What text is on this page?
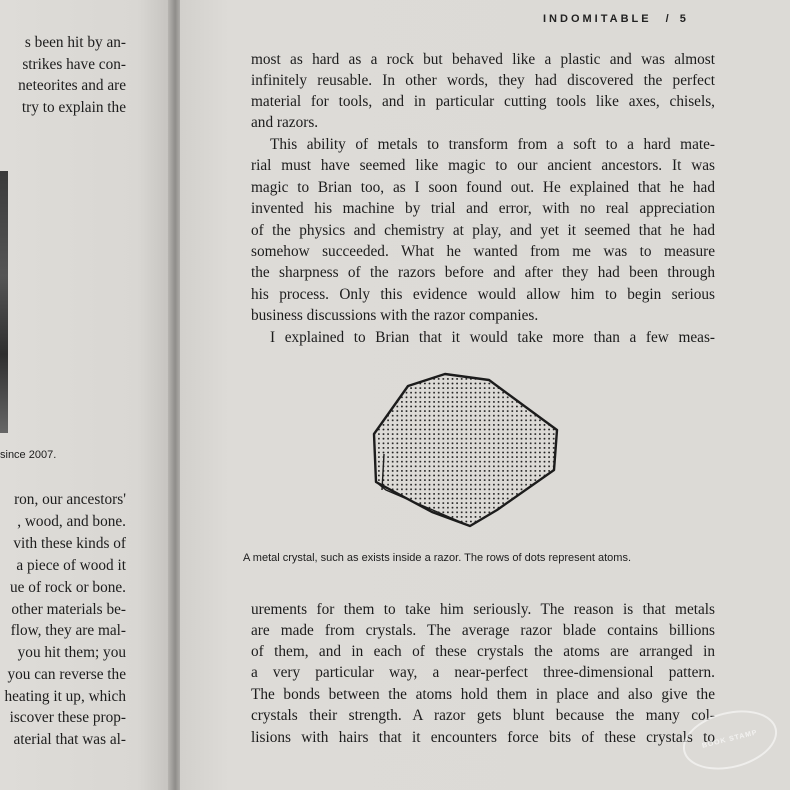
s been hit by an-
strikes have con-
neteorites and are
try to explain the
since 2007.
ron, our ancestors'
, wood, and bone.
vith these kinds of
a piece of wood it
ue of rock or bone.
other materials be-
flow, they are mal-
you hit them; you
you can reverse the
heating it up, which
iscover these prop-
aterial that was al-
INDOMITABLE / 5
most as hard as a rock but behaved like a plastic and was almost
infinitely reusable. In other words, they had discovered the perfect
material for tools, and in particular cutting tools like axes, chisels,
and razors.
This ability of metals to transform from a soft to a hard mate-
rial must have seemed like magic to our ancient ancestors. It was
magic to Brian too, as I soon found out. He explained that he had
invented his machine by trial and error, with no real appreciation
of the physics and chemistry at play, and yet it seemed that he had
somehow succeeded. What he wanted from me was to measure
the sharpness of the razors before and after they had been through
his process. Only this evidence would allow him to begin serious
business discussions with the razor companies.
I explained to Brian that it would take more than a few meas-
A metal crystal, such as exists inside a razor. The rows of dots represent atoms.
urements for them to take him seriously. The reason is that metals
are made from crystals. The average razor blade contains billions
of them, and in each of these crystals the atoms are arranged in
a very particular way, a near-perfect three-dimensional pattern.
The bonds between the atoms hold them in place and also give the
crystals their strength. A razor gets blunt because the many col-
lisions with hairs that it encounters force bits of these crystals to
BOOK STAMP
